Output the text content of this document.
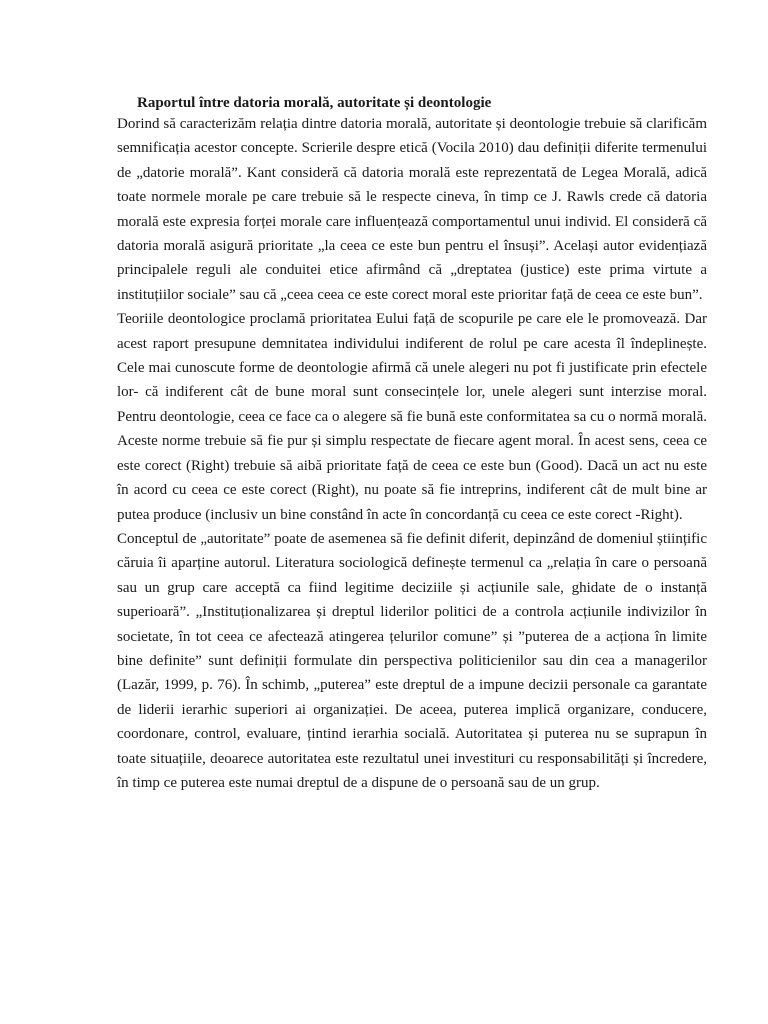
Raportul între datoria morală, autoritate și deontologie

Dorind să caracterizăm relația dintre datoria morală, autoritate și deontologie trebuie să clarificăm semnificația acestor concepte. Scrierile despre etică (Vocila 2010) dau definiții diferite termenului de „datorie morală”. Kant consideră că datoria morală este reprezentată de Legea Morală, adică toate normele morale pe care trebuie să le respecte cineva, în timp ce J. Rawls crede că datoria morală este expresia forței morale care influențează comportamentul unui individ. El consideră că datoria morală asigură prioritate „la ceea ce este bun pentru el însuși”. Același autor evidențiază principalele reguli ale conduitei etice afirmând că „dreptatea (justice) este prima virtute a instituțiilor sociale” sau că „ceea ceea ce este corect moral este prioritar față de ceea ce este bun”.

Teoriile deontologice proclamă prioritatea Eului față de scopurile pe care ele le promovează. Dar acest raport presupune demnitatea individului indiferent de rolul pe care acesta îl îndeplinește. Cele mai cunoscute forme de deontologie afirmă că unele alegeri nu pot fi justificate prin efectele lor- că indiferent cât de bune moral sunt consecințele lor, unele alegeri sunt interzise moral. Pentru deontologie, ceea ce face ca o alegere să fie bună este conformitatea sa cu o normă morală. Aceste norme trebuie să fie pur și simplu respectate de fiecare agent moral. În acest sens, ceea ce este corect (Right) trebuie să aibă prioritate față de ceea ce este bun (Good). Dacă un act nu este în acord cu ceea ce este corect (Right), nu poate să fie intreprins, indiferent cât de mult bine ar putea produce (inclusiv un bine constând în acte în concordanță cu ceea ce este corect -Right).

Conceptul de „autoritate” poate de asemenea să fie definit diferit, depinzând de domeniul științific căruia îi aparține autorul. Literatura sociologică definește termenul ca „relația în care o persoană sau un grup care acceptă ca fiind legitime deciziile și acțiunile sale, ghidate de o instanță superioară”. „Instituționalizarea și dreptul liderilor politici de a controla acțiunile indivizilor în societate, în tot ceea ce afectează atingerea țelurilor comune” și ”puterea de a acționa în limite bine definite” sunt definiții formulate din perspectiva politicienilor sau din cea a managerilor (Lazăr, 1999, p. 76). În schimb, „puterea” este dreptul de a impune decizii personale ca garantate de liderii ierarhic superiori ai organizației. De aceea, puterea implică organizare, conducere, coordonare, control, evaluare, țintind ierarhia socială. Autoritatea și puterea nu se suprapun în toate situațiile, deoarece autoritatea este rezultatul unei investituri cu responsabilități și încredere, în timp ce puterea este numai dreptul de a dispune de o persoană sau de un grup.
